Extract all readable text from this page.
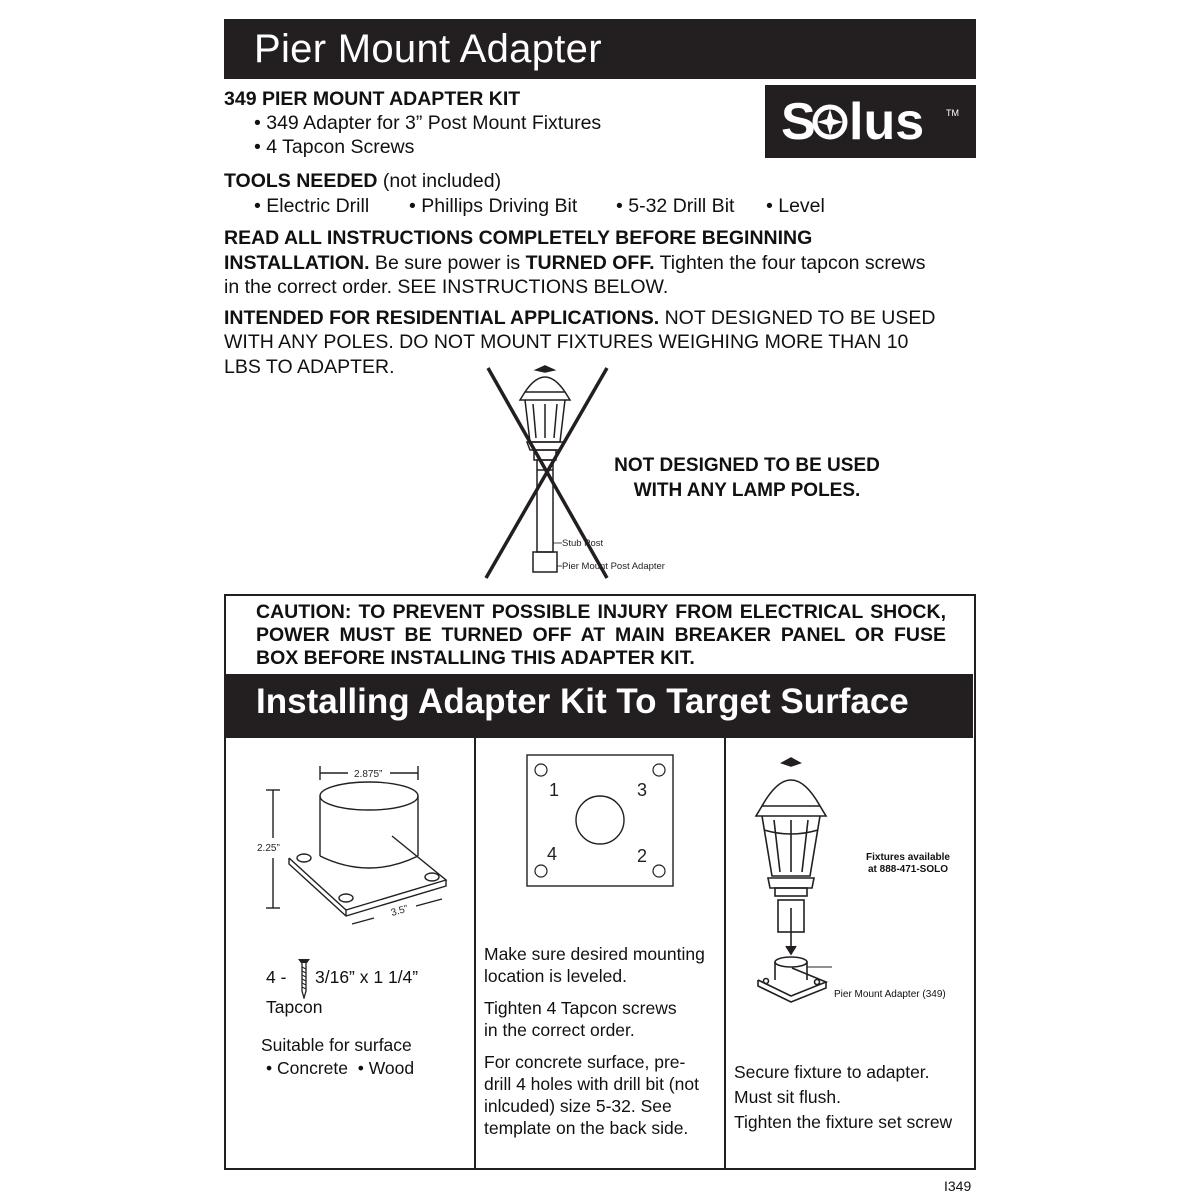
Pier Mount Adapter
S lus TM
349 PIER MOUNT ADAPTER KIT
• 349 Adapter for 3” Post Mount Fixtures
• 4 Tapcon Screws
TOOLS NEEDED (not included)
• Electric Drill • Phillips Driving Bit • 5-32 Drill Bit • Level
READ ALL INSTRUCTIONS COMPLETELY BEFORE BEGINNING
INSTALLATION. Be sure power is TURNED OFF. Tighten the four tapcon screws
in the correct order. SEE INSTRUCTIONS BELOW.
INTENDED FOR RESIDENTIAL APPLICATIONS. NOT DESIGNED TO BE USED
WITH ANY POLES. DO NOT MOUNT FIXTURES WEIGHING MORE THAN 10
LBS TO ADAPTER.
Stub Post
Pier Mount Post Adapter
NOT DESIGNED TO BE USED
WITH ANY LAMP POLES.
CAUTION: TO PREVENT POSSIBLE INJURY FROM ELECTRICAL SHOCK, POWER MUST BE TURNED OFF AT MAIN BREAKER PANEL OR FUSE BOX BEFORE INSTALLING THIS ADAPTER KIT.
Installing Adapter Kit To Target Surface
2.875”
2.25”
3.5”
4 - 3/16” x 1 1/4”
Tapcon
Suitable for surface
• Concrete  • Wood
1	3
4	2
Make sure desired mounting
location is leveled.
Tighten 4 Tapcon screws
in the correct order.
For concrete surface, pre-
drill 4 holes with drill bit (not
inlcuded) size 5-32. See
template on the back side.
Fixtures available
at 888-471-SOLO
Pier Mount Adapter (349)
Secure fixture to adapter.
Must sit flush.
Tighten the fixture set screw
I349
